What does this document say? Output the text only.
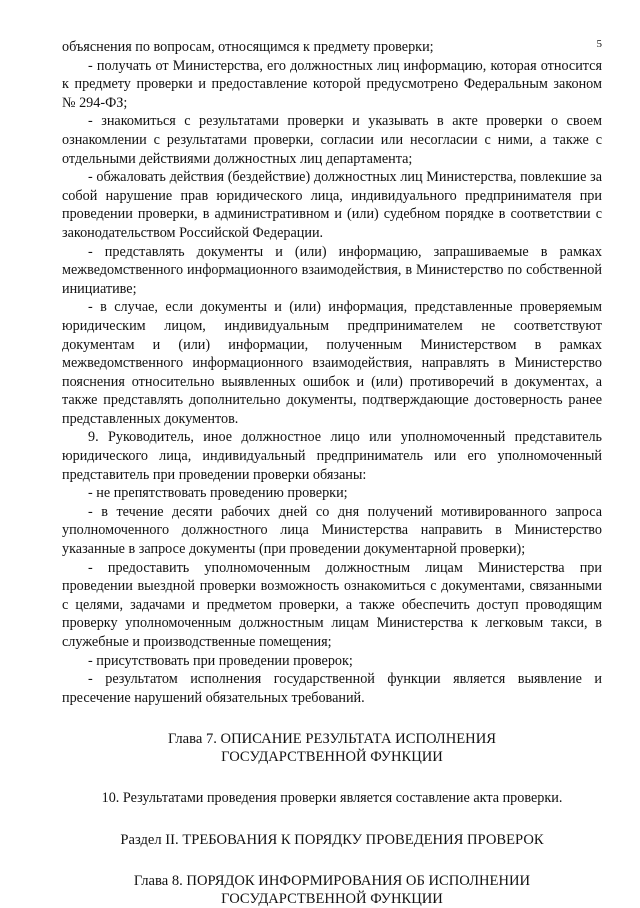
5

объяснения по вопросам, относящимся к предмету проверки;

- получать от Министерства, его должностных лиц информацию, которая относится к предмету проверки и предоставление которой предусмотрено Федеральным законом № 294-ФЗ;

- знакомиться с результатами проверки и указывать в акте проверки о своем ознакомлении с результатами проверки, согласии или несогласии с ними, а также с отдельными действиями должностных лиц департамента;

- обжаловать действия (бездействие) должностных лиц Министерства, повлекшие за собой нарушение прав юридического лица, индивидуального предпринимателя при проведении проверки, в административном и (или) судебном порядке в соответствии с законодательством Российской Федерации.

- представлять документы и (или) информацию, запрашиваемые в рамках межведомственного информационного взаимодействия, в Министерство по собственной инициативе;

- в случае, если документы и (или) информация, представленные проверяемым юридическим лицом, индивидуальным предпринимателем не соответствуют документам и (или) информации, полученным Министерством в рамках межведомственного информационного взаимодействия, направлять в Министерство пояснения относительно выявленных ошибок и (или) противоречий в документах, а также представлять дополнительно документы, подтверждающие достоверность ранее представленных документов.

9. Руководитель, иное должностное лицо или уполномоченный представитель юридического лица, индивидуальный предприниматель или его уполномоченный представитель при проведении проверки обязаны:

- не препятствовать проведению проверки;

- в течение десяти рабочих дней со дня получений мотивированного запроса уполномоченного должностного лица Министерства направить в Министерство указанные в запросе документы (при проведении документарной проверки);

- предоставить уполномоченным должностным лицам Министерства при проведении выездной проверки возможность ознакомиться с документами, связанными с целями, задачами и предметом проверки, а также обеспечить доступ проводящим проверку уполномоченным должностным лицам Министерства к легковым такси, в служебные и производственные помещения;

- присутствовать при проведении проверок;

- результатом исполнения государственной функции является выявление и пресечение нарушений обязательных требований.

Глава 7. ОПИСАНИЕ РЕЗУЛЬТАТА ИСПОЛНЕНИЯ

ГОСУДАРСТВЕННОЙ ФУНКЦИИ

10. Результатами проведения проверки является составление акта проверки.

Раздел II. ТРЕБОВАНИЯ К ПОРЯДКУ ПРОВЕДЕНИЯ ПРОВЕРОК

Глава 8. ПОРЯДОК ИНФОРМИРОВАНИЯ ОБ ИСПОЛНЕНИИ

ГОСУДАРСТВЕННОЙ ФУНКЦИИ
